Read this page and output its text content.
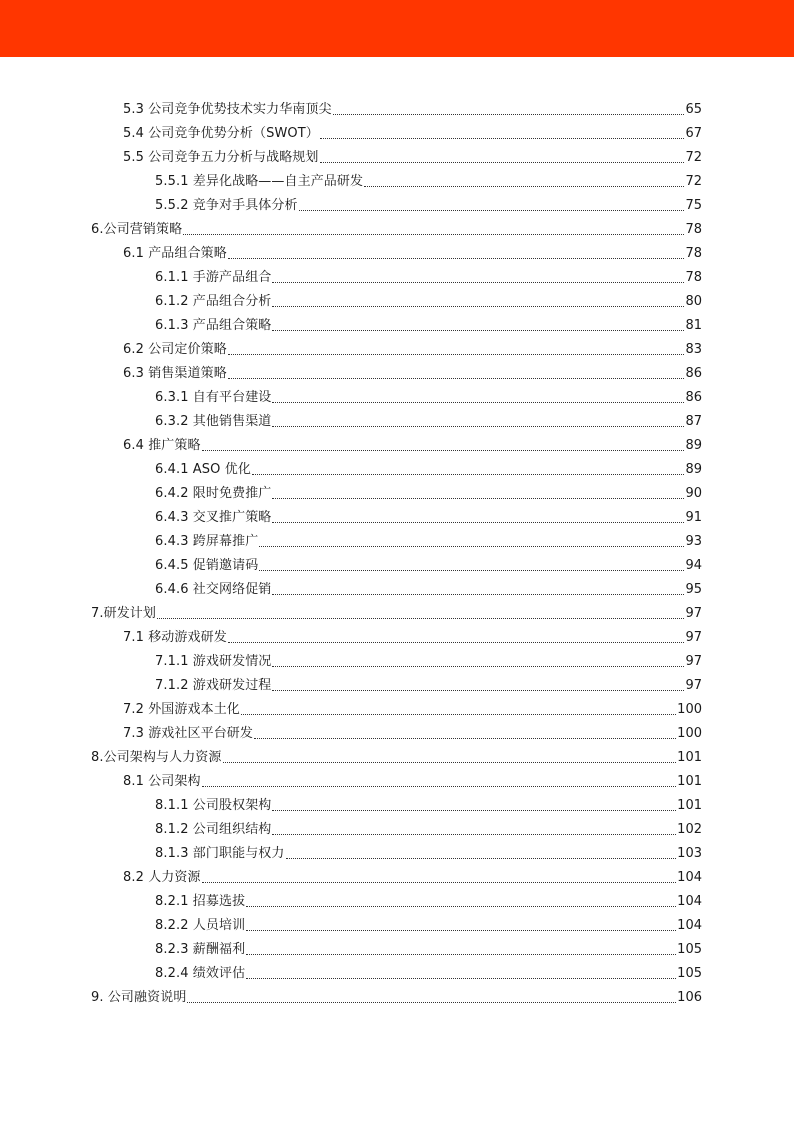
5.3 公司竞争优势技术实力华南顶尖	65
5.4 公司竞争优势分析（SWOT）	67
5.5 公司竞争五力分析与战略规划	72
5.5.1 差异化战略——自主产品研发	72
5.5.2 竞争对手具体分析	75
6.公司营销策略	78
6.1 产品组合策略	78
6.1.1 手游产品组合	78
6.1.2 产品组合分析	80
6.1.3 产品组合策略	81
6.2 公司定价策略	83
6.3 销售渠道策略	86
6.3.1 自有平台建设	86
6.3.2 其他销售渠道	87
6.4 推广策略	89
6.4.1 ASO 优化	89
6.4.2 限时免费推广	90
6.4.3 交叉推广策略	91
6.4.3 跨屏幕推广	93
6.4.5 促销邀请码	94
6.4.6 社交网络促销	95
7.研发计划	97
7.1 移动游戏研发	97
7.1.1 游戏研发情况	97
7.1.2 游戏研发过程	97
7.2 外国游戏本土化	100
7.3 游戏社区平台研发	100
8.公司架构与人力资源	101
8.1 公司架构	101
8.1.1 公司股权架构	101
8.1.2 公司组织结构	102
8.1.3 部门职能与权力	103
8.2 人力资源	104
8.2.1 招募选拔	104
8.2.2 人员培训	104
8.2.3 薪酬福利	105
8.2.4 绩效评估	105
9. 公司融资说明	106
